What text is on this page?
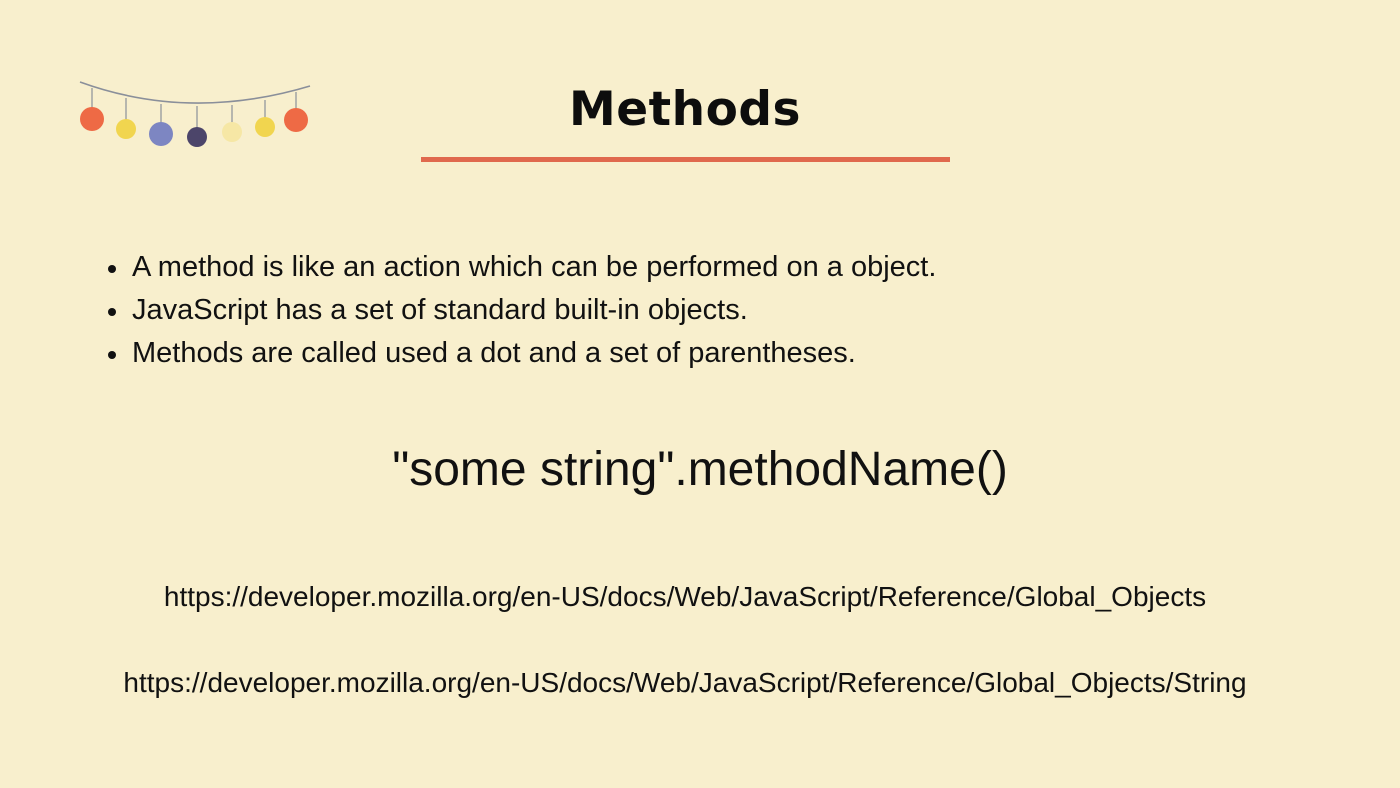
Methods
A method is like an action which can be performed on a object.
JavaScript has a set of standard built-in objects.
Methods are called used a dot and a set of parentheses.
"some string".methodName()
https://developer.mozilla.org/en-US/docs/Web/JavaScript/Reference/Global_Objects
https://developer.mozilla.org/en-US/docs/Web/JavaScript/Reference/Global_Objects/String
